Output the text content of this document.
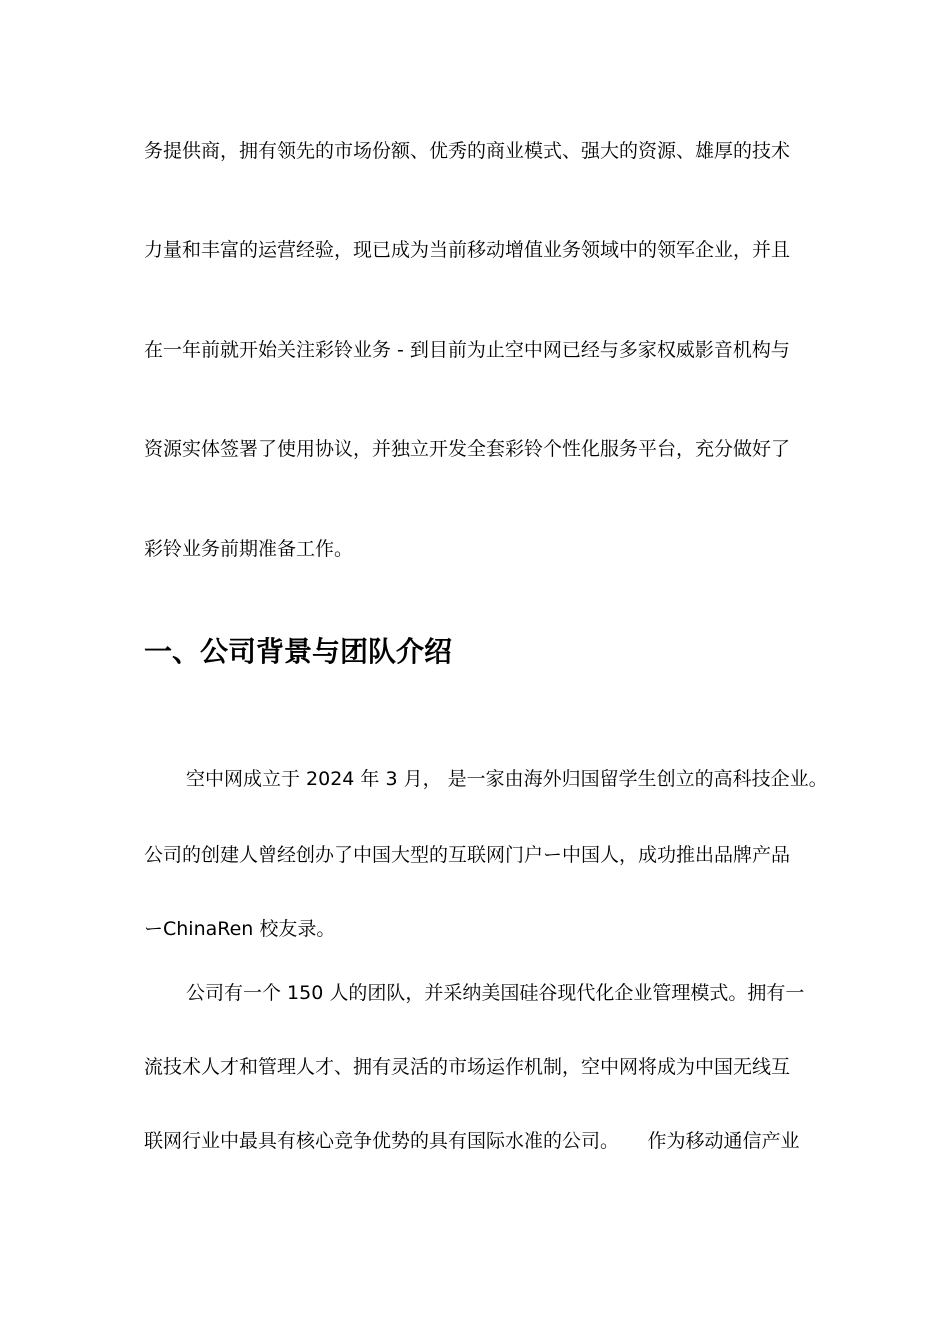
务提供商，拥有领先的市场份额、优秀的商业模式、强大的资源、雄厚的技术
力量和丰富的运营经验，现已成为当前移动增值业务领域中的领军企业，并且
在一年前就开始关注彩铃业务 - 到目前为止空中网已经与多家权威影音机构与
资源实体签署了使用协议，并独立开发全套彩铃个性化服务平台，充分做好了
彩铃业务前期准备工作。
一、公司背景与团队介绍
空中网成立于 2024 年 3 月， 是一家由海外归国留学生创立的高科技企业。
公司的创建人曾经创办了中国大型的互联网门户ー中国人，成功推出品牌产品
ーChinaRen 校友录。
公司有一个 150 人的团队，并采纳美国硅谷现代化企业管理模式。拥有一
流技术人才和管理人才、拥有灵活的市场运作机制，空中网将成为中国无线互
联网行业中最具有核心竞争优势的具有国际水准的公司。　　作为移动通信产业
